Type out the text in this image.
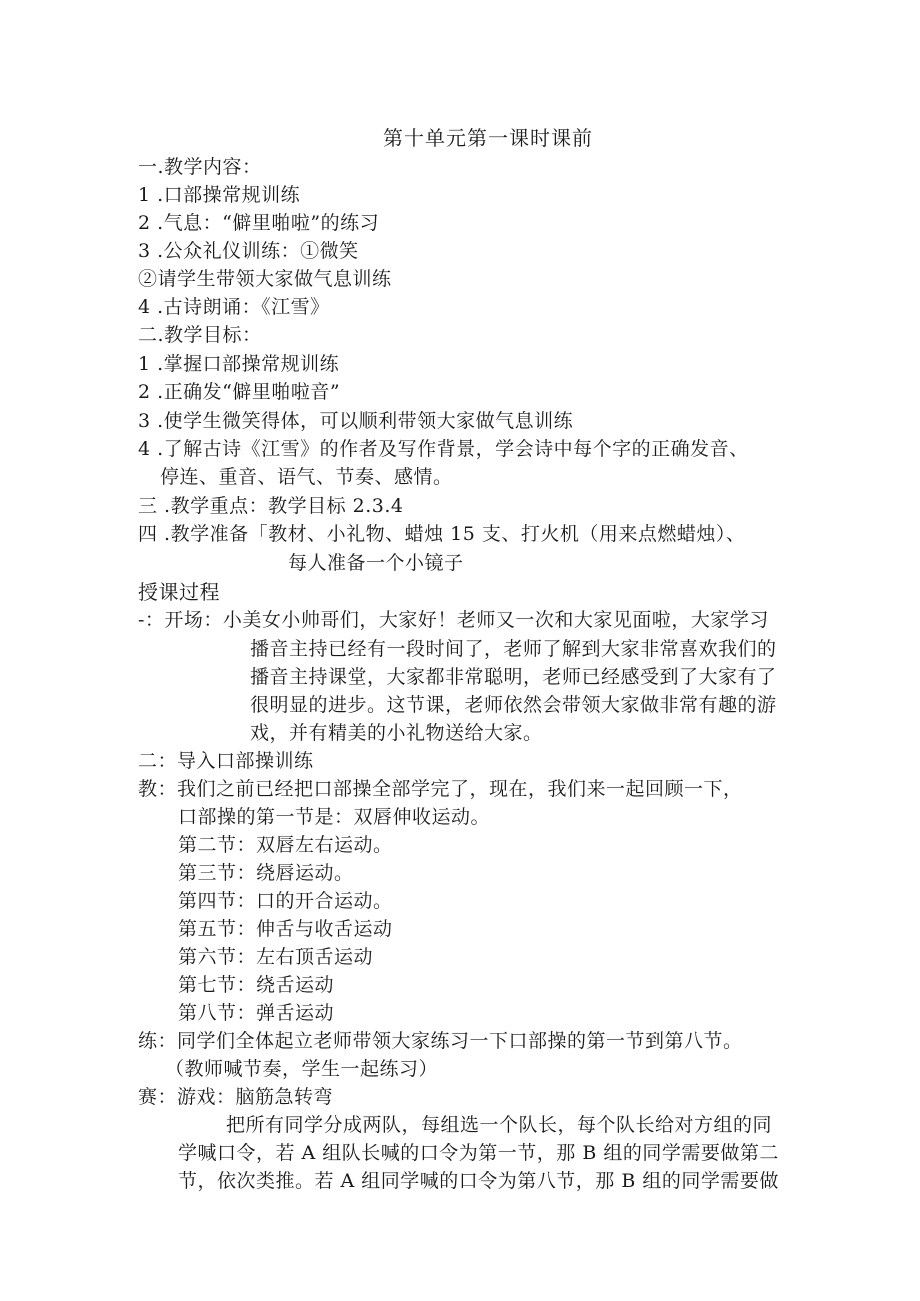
第十单元第一课时课前
一.教学内容：
1 .口部操常规训练
2 .气息：“僻里啪啦”的练习
3 .公众礼仪训练：①微笑
②请学生带领大家做气息训练
4 .古诗朗诵：《江雪》
二.教学目标：
1 .掌握口部操常规训练
2 .正确发“僻里啪啦音”
3 .使学生微笑得体，可以顺利带领大家做气息训练
4 .了解古诗《江雪》的作者及写作背景，学会诗中每个字的正确发音、
停连、重音、语气、节奏、感情。
三 .教学重点：教学目标 2.3.4
四 .教学准备「教材、小礼物、蜡烛 15 支、打火机（用来点燃蜡烛）、
每人准备一个小镜子
授课过程
-：开场：小美女小帅哥们，大家好！老师又一次和大家见面啦，大家学习
播音主持已经有一段时间了，老师了解到大家非常喜欢我们的
播音主持课堂，大家都非常聪明，老师已经感受到了大家有了
很明显的进步。这节课，老师依然会带领大家做非常有趣的游
戏，并有精美的小礼物送给大家。
二：导入口部操训练
教：我们之前已经把口部操全部学完了，现在，我们来一起回顾一下，
口部操的第一节是：双唇伸收运动。
第二节：双唇左右运动。
第三节：绕唇运动。
第四节：口的开合运动。
第五节：伸舌与收舌运动
第六节：左右顶舌运动
第七节：绕舌运动
第八节：弹舌运动
练：同学们全体起立老师带领大家练习一下口部操的第一节到第八节。
（教师喊节奏，学生一起练习）
赛：游戏：脑筋急转弯
把所有同学分成两队，每组选一个队长，每个队长给对方组的同
学喊口令，若 A 组队长喊的口令为第一节，那 B 组的同学需要做第二
节，依次类推。若 A 组同学喊的口令为第八节，那 B 组的同学需要做
